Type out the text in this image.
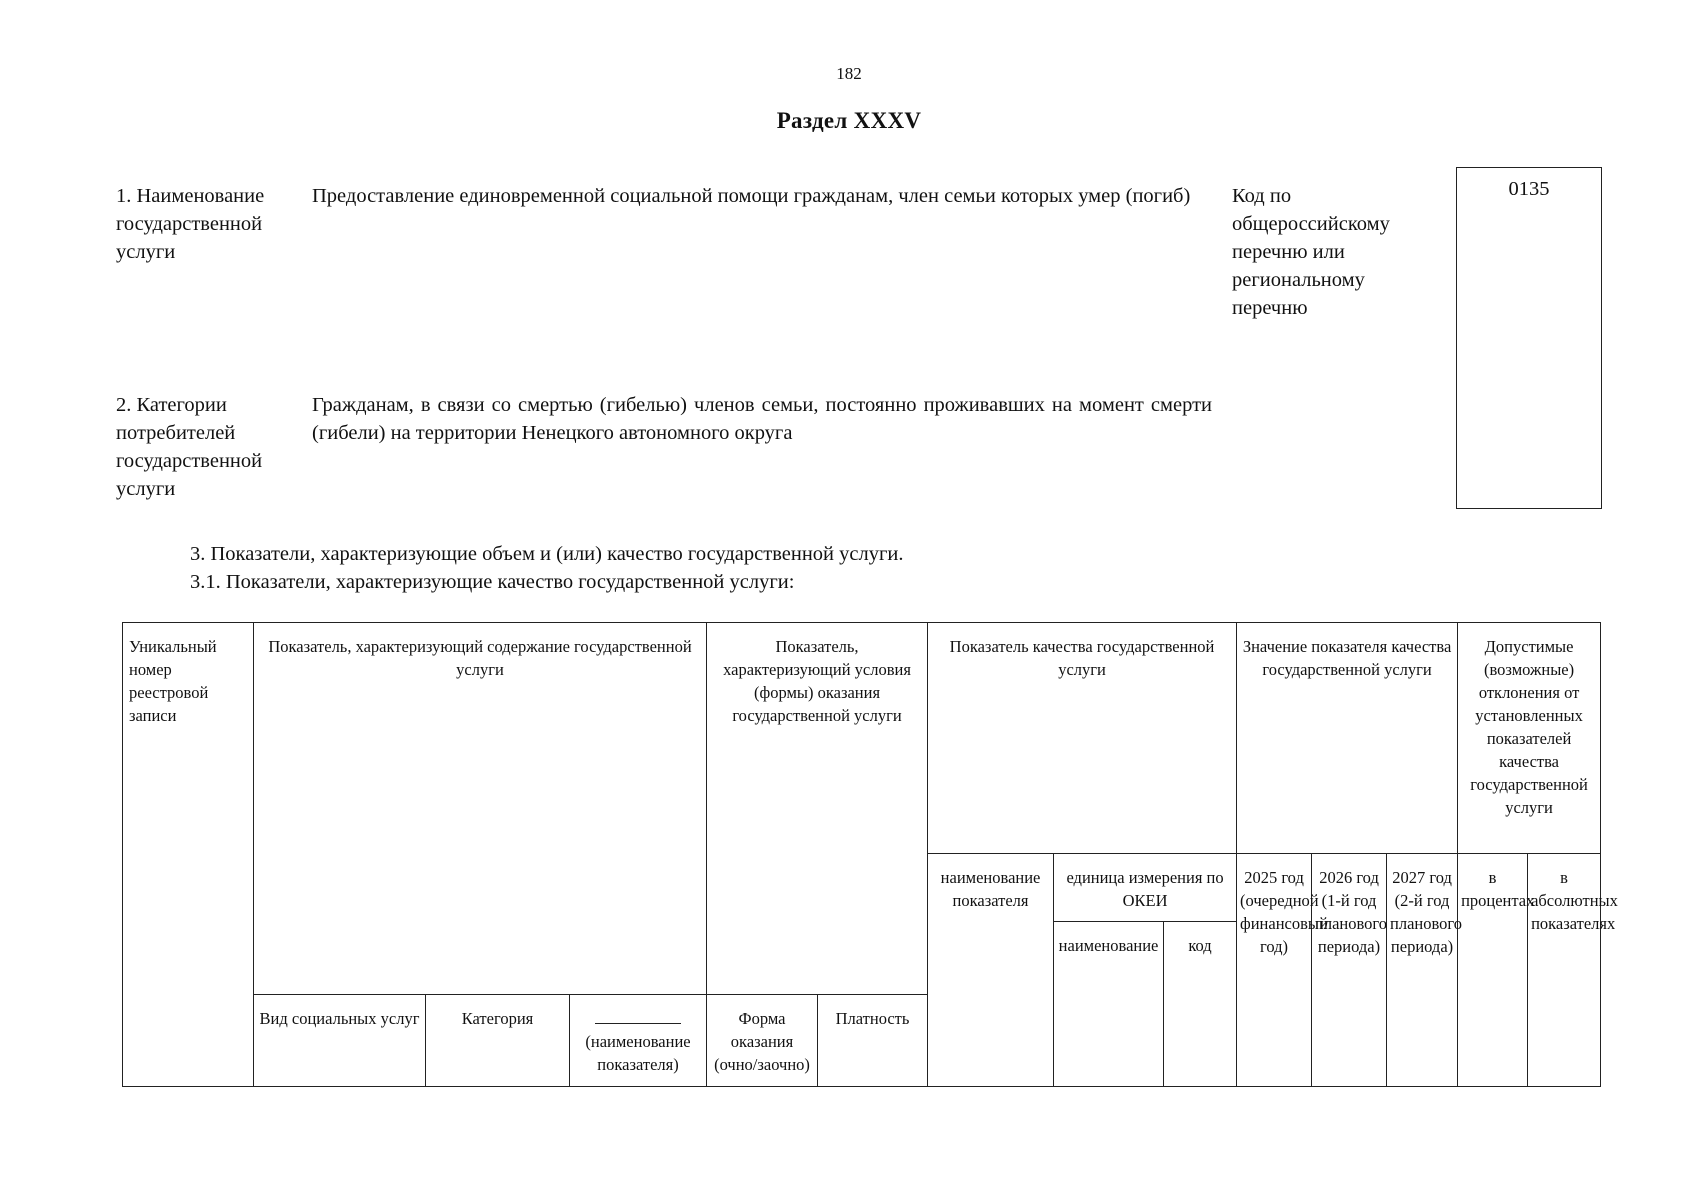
182
Раздел XXXV
1. Наименование государственной услуги
Предоставление единовременной социальной помощи гражданам, член семьи которых умер (погиб)	Код по общероссийскому перечню или региональному перечню
0135
2. Категории потребителей государственной услуги
Гражданам, в связи со смертью (гибелью) членов семьи, постоянно проживавших на момент смерти (гибели) на территории Ненецкого автономного округа
3. Показатели, характеризующие объем и (или) качество государственной услуги.
3.1. Показатели, характеризующие качество государственной услуги:
Уникальный номер реестровой записи	Показатель, характеризующий содержание государственной услуги			Показатель, характеризующий условия (формы) оказания государственной услуги		Показатель качества государственной услуги			Значение показателя качества государственной услуги			Допустимые (возможные) отклонения от установленных показателей качества государственной услуги	
						наименование показателя	единица измерения по ОКЕИ		2025 год (очередной финансовый год)	2026 год (1-й год планового периода)	2027 год (2-й год планового периода)	в процентах	в абсолютных показателях
							наименование	код					
	Вид социальных услуг	Категория	(наименование показателя)	Форма оказания (очно/заочно)	Платность								
